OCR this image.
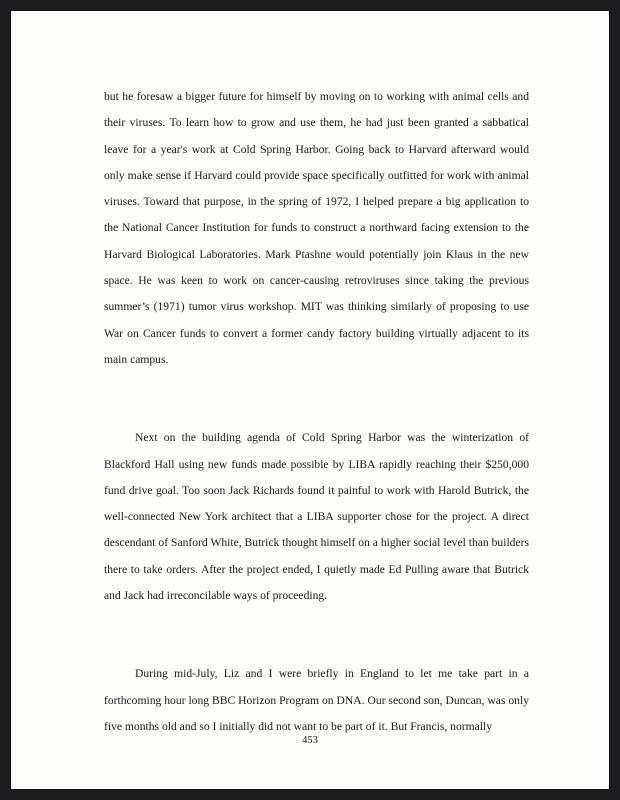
but he foresaw a bigger future for himself by moving on to working with animal cells and their viruses. To learn how to grow and use them, he had just been granted a sabbatical leave for a year's work at Cold Spring Harbor. Going back to Harvard afterward would only make sense if Harvard could provide space specifically outfitted for work with animal viruses. Toward that purpose, in the spring of 1972, I helped prepare a big application to the National Cancer Institution for funds to construct a northward facing extension to the Harvard Biological Laboratories. Mark Ptashne would potentially join Klaus in the new space. He was keen to work on cancer-causing retroviruses since taking the previous summer’s (1971) tumor virus workshop. MIT was thinking similarly of proposing to use War on Cancer funds to convert a former candy factory building virtually adjacent to its main campus.

Next on the building agenda of Cold Spring Harbor was the winterization of Blackford Hall using new funds made possible by LIBA rapidly reaching their $250,000 fund drive goal. Too soon Jack Richards found it painful to work with Harold Butrick, the well-connected New York architect that a LIBA supporter chose for the project. A direct descendant of Sanford White, Butrick thought himself on a higher social level than builders there to take orders. After the project ended, I quietly made Ed Pulling aware that Butrick and Jack had irreconcilable ways of proceeding.

During mid-July, Liz and I were briefly in England to let me take part in a forthcoming hour long BBC Horizon Program on DNA. Our second son, Duncan, was only five months old and so I initially did not want to be part of it. But Francis, normally

453
